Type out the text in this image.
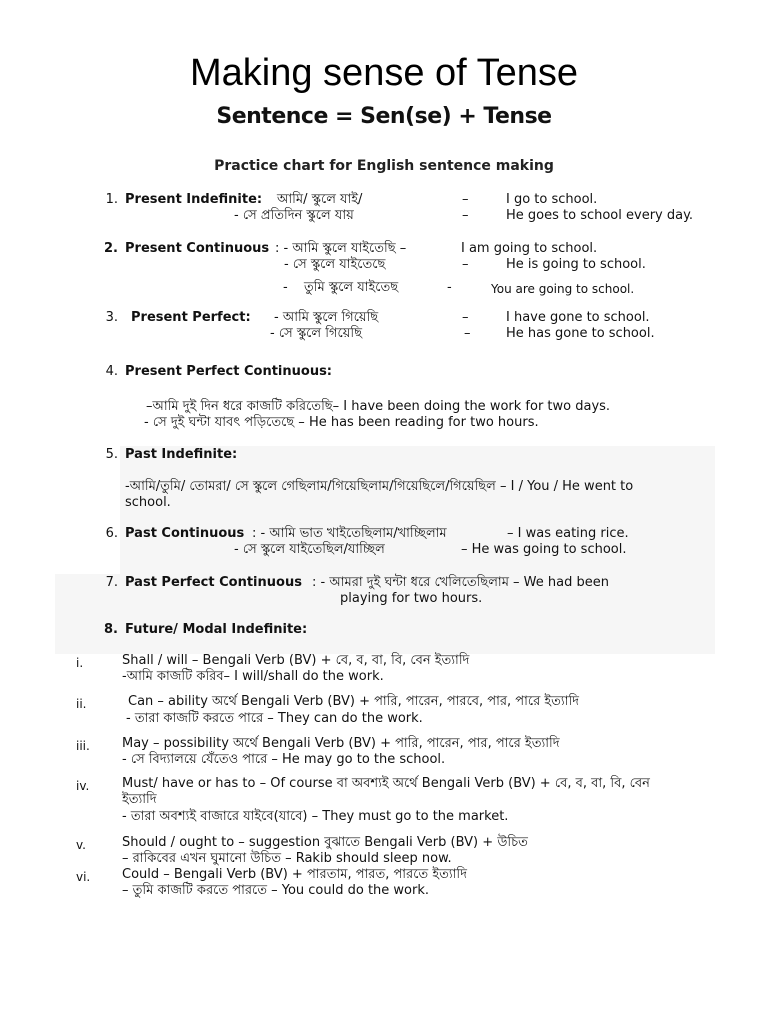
Making sense of Tense
Sentence = Sen(se) + Tense
Practice chart for English sentence making
1. Present Indefinite: আমি/ স্কুলে যাই/	–	I go to school.
- সে প্রতিদিন স্কুলে যায়	–	He goes to school every day.
2. Present Continuous : - আমি স্কুলে যাইতেছি –	I am going to school.
- সে স্কুলে যাইতেছে	–	He is going to school.
- তুমি স্কুলে যাইতেছ	-	You are going to school.
3. Present Perfect: - আমি স্কুলে গিয়েছি	–	I have gone to school.
- সে স্কুলে গিয়েছি	–	He has gone to school.
4. Present Perfect Continuous:
–আমি দুই দিন ধরে কাজটি করিতেছি– I have been doing the work for two days.
- সে দুই ঘন্টা যাবৎ পড়িতেছে – He has been reading for two hours.
5. Past Indefinite:
-আমি/তুমি/ তোমরা/ সে স্কুলে গেছিলাম/গিয়েছিলাম/গিয়েছিলে/গিয়েছিল – I / You / He went to
school.
6. Past Continuous : - আমি ভাত খাইতেছিলাম/খাচ্ছিলাম	– I was eating rice.
- সে স্কুলে যাইতেছিল/যাচ্ছিল	– He was going to school.
7. Past Perfect Continuous : - আমরা দুই ঘন্টা ধরে খেলিতেছিলাম – We had been
playing for two hours.
8. Future/ Modal Indefinite:
i.	Shall / will – Bengali Verb (BV) + বে, ব, বা, বি, বেন ইত্যাদি
-আমি কাজটি করিব– I will/shall do the work.
ii.	Can – ability অর্থে Bengali Verb (BV) + পারি, পারেন, পারবে, পার, পারে ইত্যাদি
- তারা কাজটি করতে পারে – They can do the work.
iii. May – possibility অর্থে Bengali Verb (BV) + পারি, পারেন, পার, পারে ইত্যাদি
- সে বিদ্যালয়ে যেঁতেও পারে – He may go to the school.
iv.	Must/ have or has to – Of course বা অবশ্যই অর্থে Bengali Verb (BV) + বে, ব, বা, বি, বেন
ইত্যাদি
- তারা অবশ্যই বাজারে যাইবে(যাবে) – They must go to the market.
v.	Should / ought to – suggestion বুঝাতে Bengali Verb (BV) + উচিত
– রাকিবের এখন ঘুমানো উচিত – Rakib should sleep now.
vi. Could – Bengali Verb (BV) + পারতাম, পারত, পারতে ইত্যাদি
– তুমি কাজটি করতে পারতে – You could do the work.
